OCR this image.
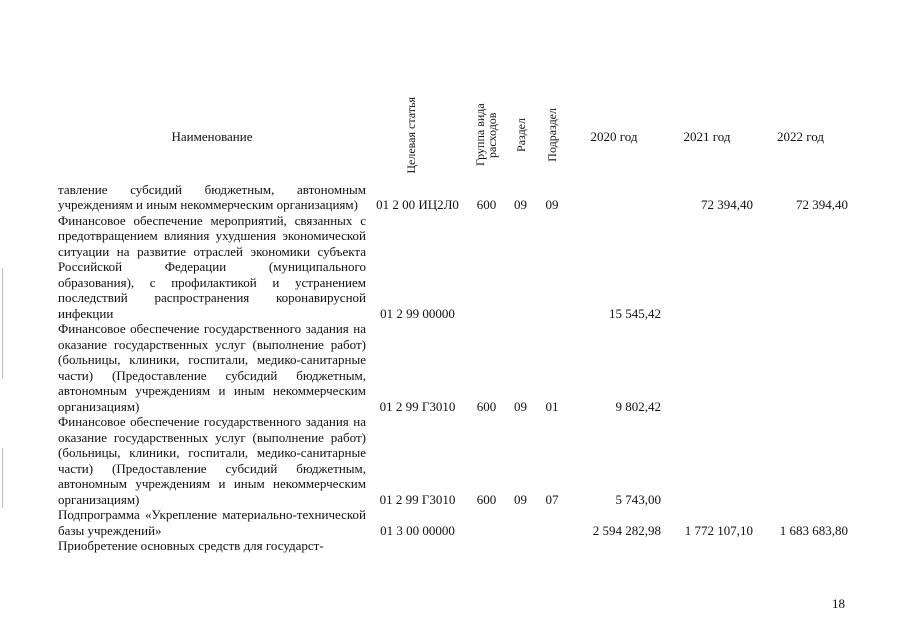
Наименование	Целевая статья	Группа вида расходов	Раздел	Подраздел	2020 год	2021 год	2022 год
тавление субсидий бюджетным, автономным учреждениям и иным некоммерческим организациям)	01 2 00 ИЦ2Л0	600	09	09		72 394,40	72 394,40
Финансовое обеспечение мероприятий, связанных с предотвращением влияния ухудшения экономической ситуации на развитие отраслей экономики субъекта Российской Федерации (муниципального образования), с профилактикой и устранением последствий распространения коронавирусной инфекции	01 2 99 00000				15 545,42		
Финансовое обеспечение государственного задания на оказание государственных услуг (выполнение работ) (больницы, клиники, госпитали, медико-санитарные части) (Предоставление субсидий бюджетным, автономным учреждениям и иным некоммерческим организациям)	01 2 99 Г3010	600	09	01	9 802,42		
Финансовое обеспечение государственного задания на оказание государственных услуг (выполнение работ) (больницы, клиники, госпитали, медико-санитарные части) (Предоставление субсидий бюджетным, автономным учреждениям и иным некоммерческим организациям)	01 2 99 Г3010	600	09	07	5 743,00		
Подпрограмма «Укрепление материально-технической базы учреждений»	01 3 00 00000				2 594 282,98	1 772 107,10	1 683 683,80
Приобретение основных средств для государст-							
18
